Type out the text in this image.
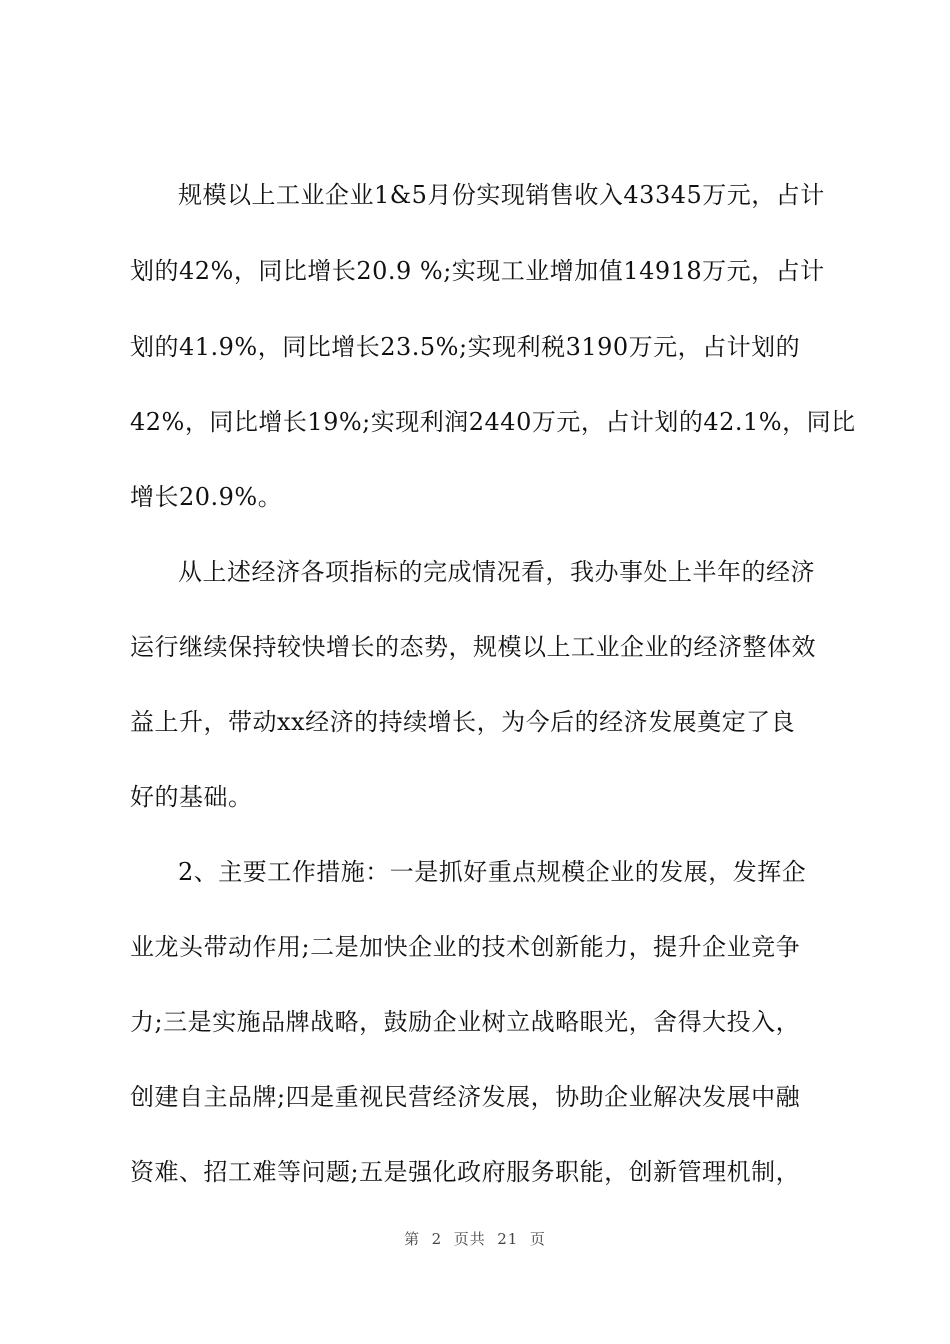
规模以上工业企业1&5月份实现销售收入43345万元，占计
划的42%，同比增长20.9 %;实现工业增加值14918万元，占计
划的41.9%，同比增长23.5%;实现利税3190万元，占计划的
42%，同比增长19%;实现利润2440万元，占计划的42.1%，同比
增长20.9%。
从上述经济各项指标的完成情况看，我办事处上半年的经济
运行继续保持较快增长的态势，规模以上工业企业的经济整体效
益上升，带动xx经济的持续增长，为今后的经济发展奠定了良
好的基础。
2、主要工作措施：一是抓好重点规模企业的发展，发挥企
业龙头带动作用;二是加快企业的技术创新能力，提升企业竞争
力;三是实施品牌战略，鼓励企业树立战略眼光，舍得大投入，
创建自主品牌;四是重视民营经济发展，协助企业解决发展中融
资难、招工难等问题;五是强化政府服务职能，创新管理机制，
第  2  页共  21  页
